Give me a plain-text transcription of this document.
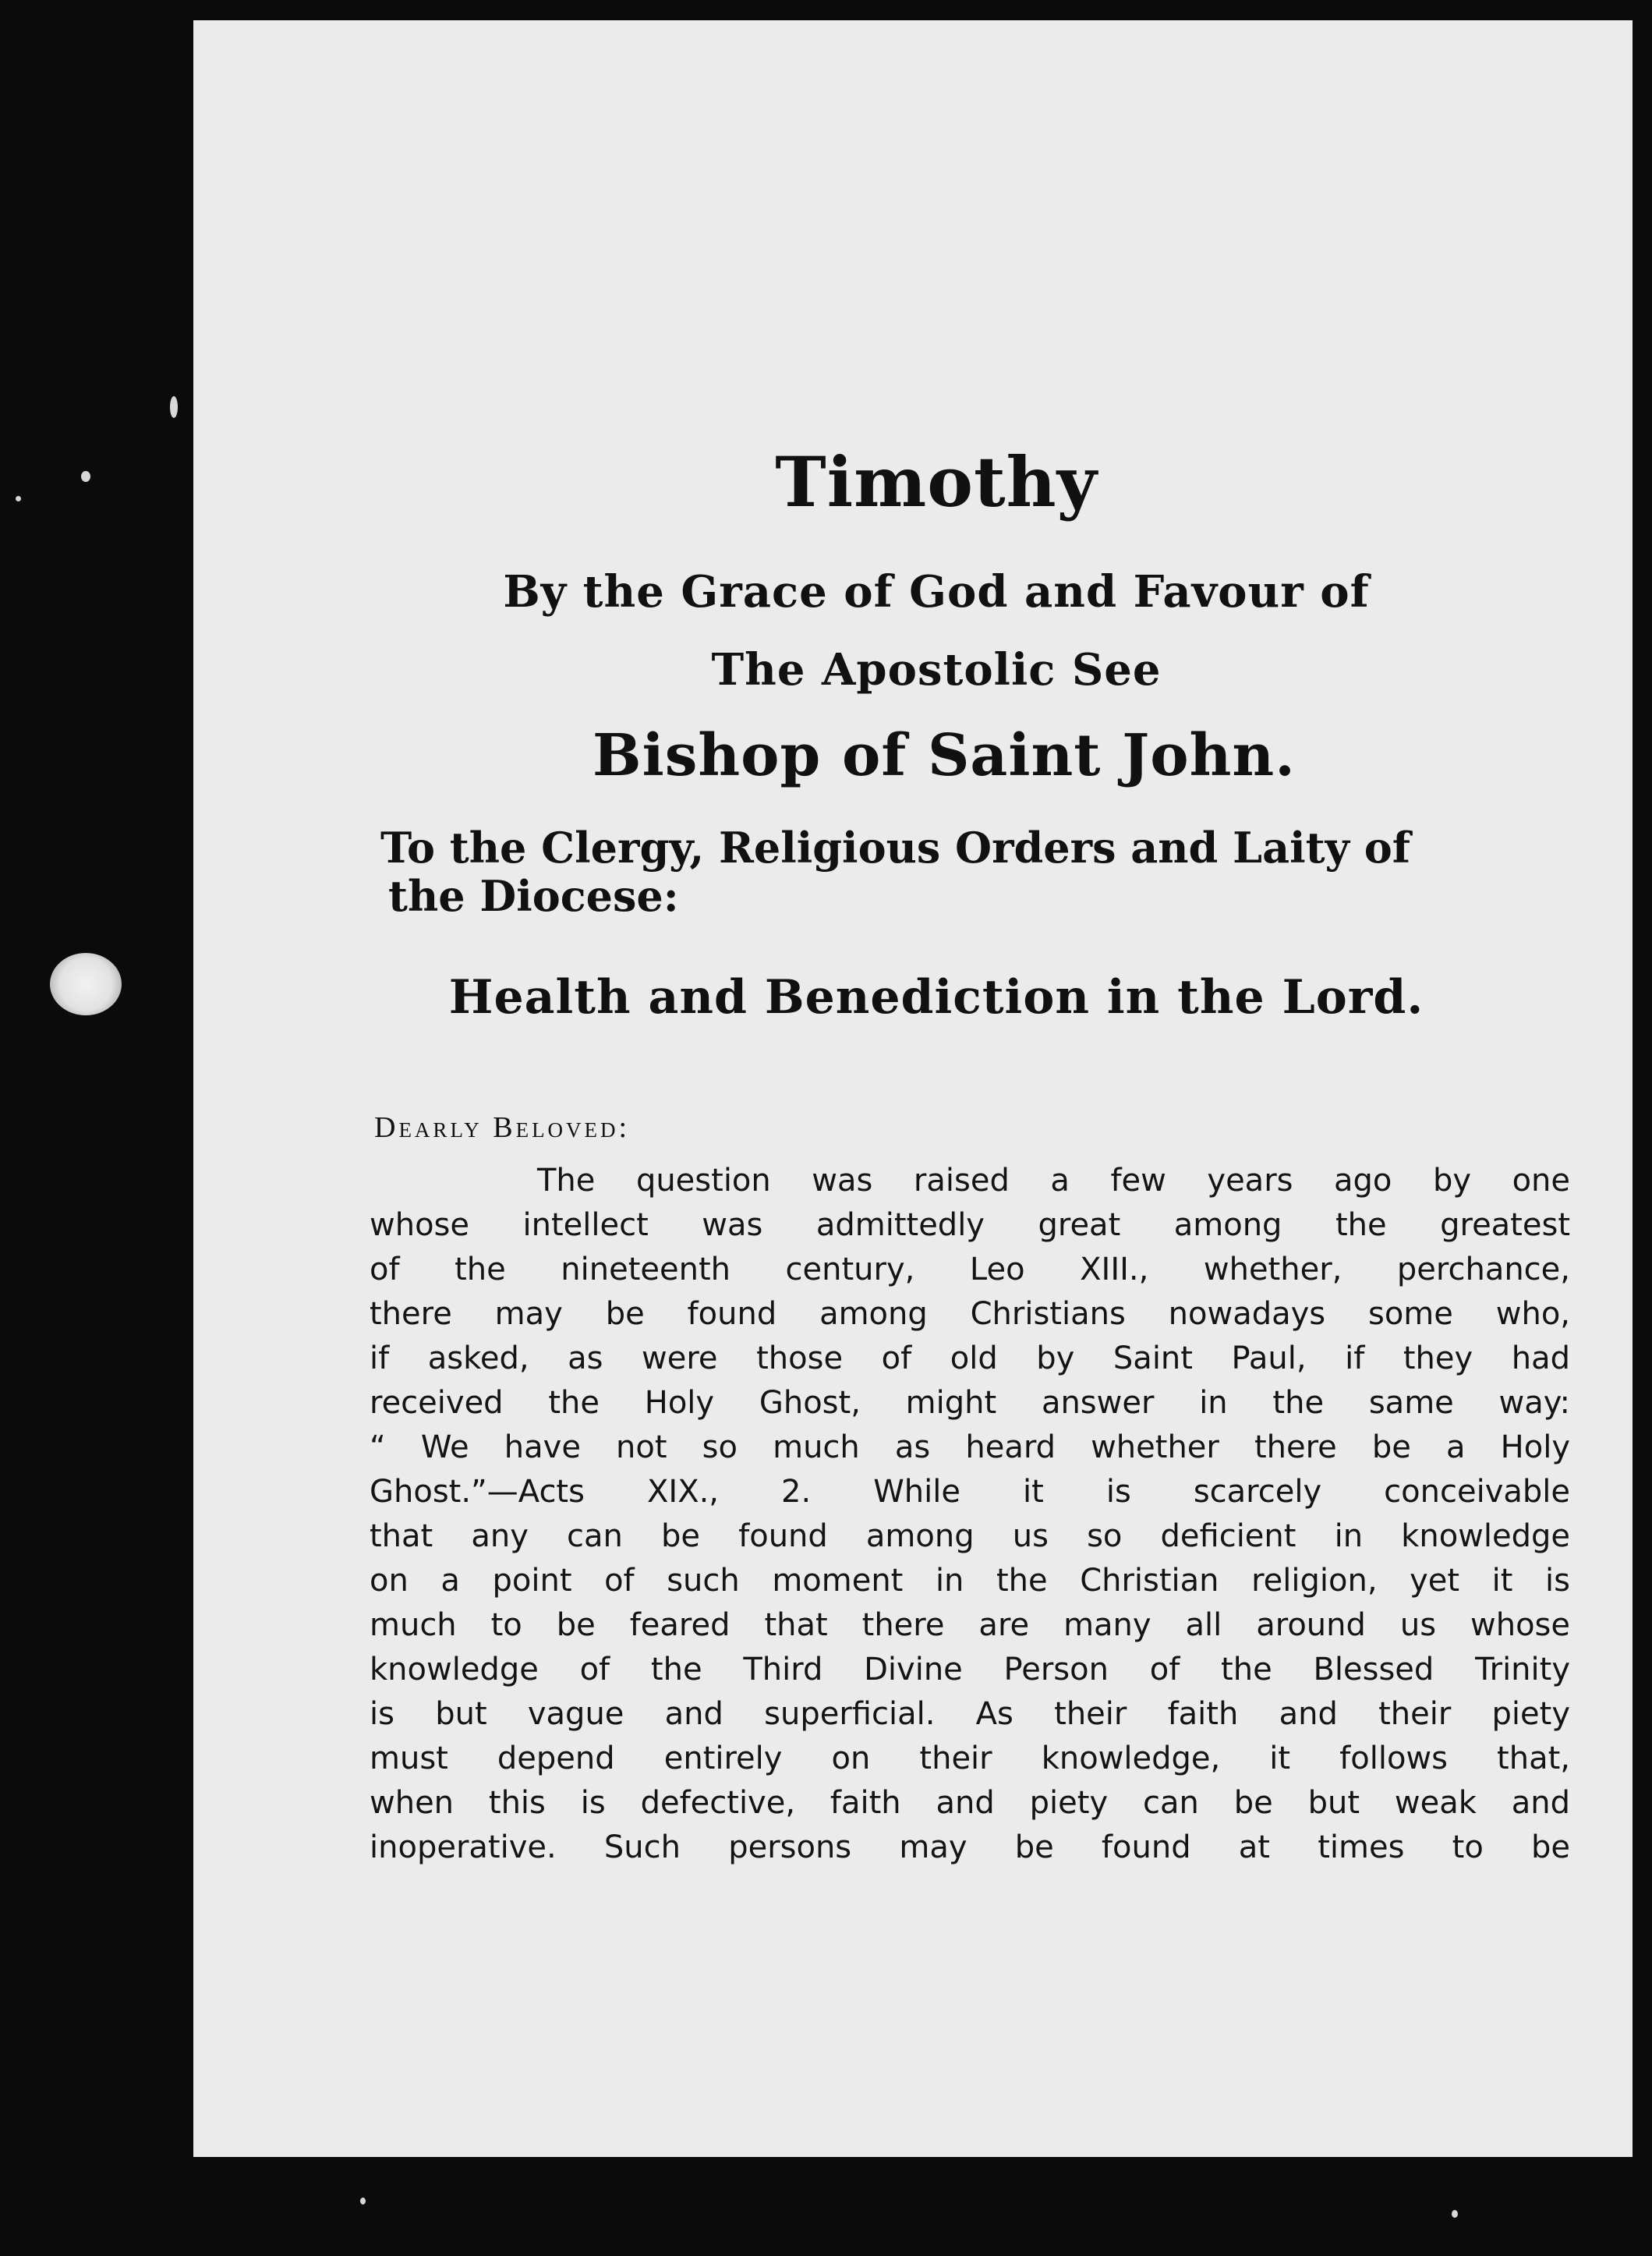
Timothy
By the Grace of God and Favour of
The Apostolic See
Bishop of Saint John.
To the Clergy, Religious Orders and Laity of
the Diocese:
Health and Benediction in the Lord.
Dearly Beloved:
The question was raised a few years ago by one
whose intellect was admittedly great among the greatest
of the nineteenth century, Leo XIII., whether, perchance,
there may be found among Christians nowadays some who,
if asked, as were those of old by Saint Paul, if they had
received the Holy Ghost, might answer in the same way:
“ We have not so much as heard whether there be a Holy
Ghost.”—Acts XIX., 2. While it is scarcely conceivable
that any can be found among us so deficient in knowledge
on a point of such moment in the Christian religion, yet it is
much to be feared that there are many all around us whose
knowledge of the Third Divine Person of the Blessed Trinity
is but vague and superficial. As their faith and their piety
must depend entirely on their knowledge, it follows that,
when this is defective, faith and piety can be but weak and
inoperative. Such persons may be found at times to be
